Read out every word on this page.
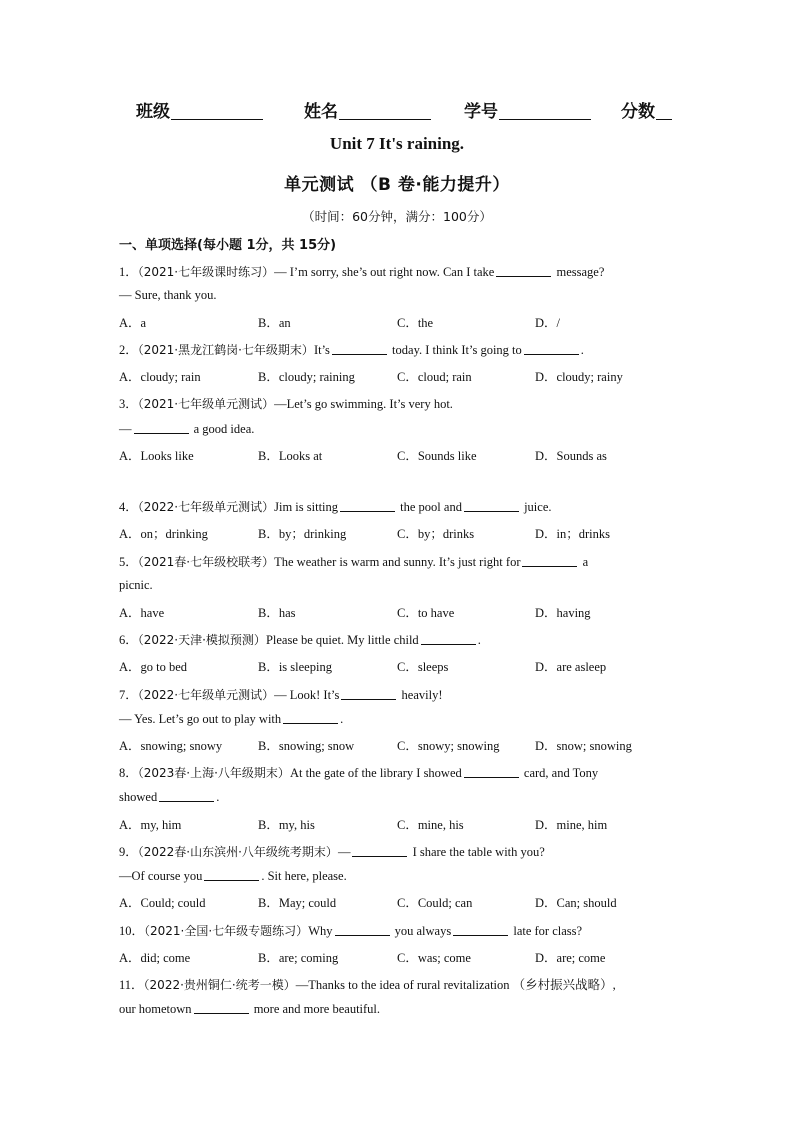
班级	姓名	学号	分数
Unit 7 It's raining.
单元测试 （B 卷·能力提升）
（时间：60分钟，满分：100分）
一、单项选择(每小题 1分，共 15分)
1．（2021·七年级课时练习）— I’m sorry, she’s out right now. Can I take	message?
— Sure, thank you.
A．a	B．an	C．the	D．/
2．（2021·黑龙江鹤岗·七年级期末）It’s	today. I think It’s going to	.
A．cloudy; rain	B．cloudy; raining	C．cloud; rain	D．cloudy; rainy
3．（2021·七年级单元测试）—Let’s go swimming. It’s very hot.
—	a good idea.
A．Looks like	B．Looks at	C．Sounds like	D．Sounds as
4．（2022·七年级单元测试）Jim is sitting	the pool and	juice.
A．on；drinking	B．by；drinking	C．by；drinks	D．in；drinks
5．（2021春·七年级校联考）The weather is warm and sunny. It’s just right for	a
picnic.
A．have	B．has	C．to have	D．having
6．（2022·天津·模拟预测）Please be quiet. My little child	.
A．go to bed	B．is sleeping	C．sleeps	D．are asleep
7．（2022·七年级单元测试）— Look! It’s	heavily!
— Yes. Let’s go out to play with	.
A．snowing; snowy	B．snowing; snow	C．snowy; snowing	D．snow; snowing
8．（2023春·上海·八年级期末）At the gate of the library I showed	card, and Tony
showed	.
A．my, him	B．my, his	C．mine, his	D．mine, him
9．（2022春·山东滨州·八年级统考期末）—	I share the table with you?
—Of course you	. Sit here, please.
A．Could; could	B．May; could	C．Could; can	D．Can; should
10．（2021·全国·七年级专题练习）Why	you always	late for class?
A．did; come	B．are; coming	C．was; come	D．are; come
11．（2022·贵州铜仁·统考一模）—Thanks to the idea of rural revitalization （乡村振兴战略）,
our hometown	more and more beautiful.
